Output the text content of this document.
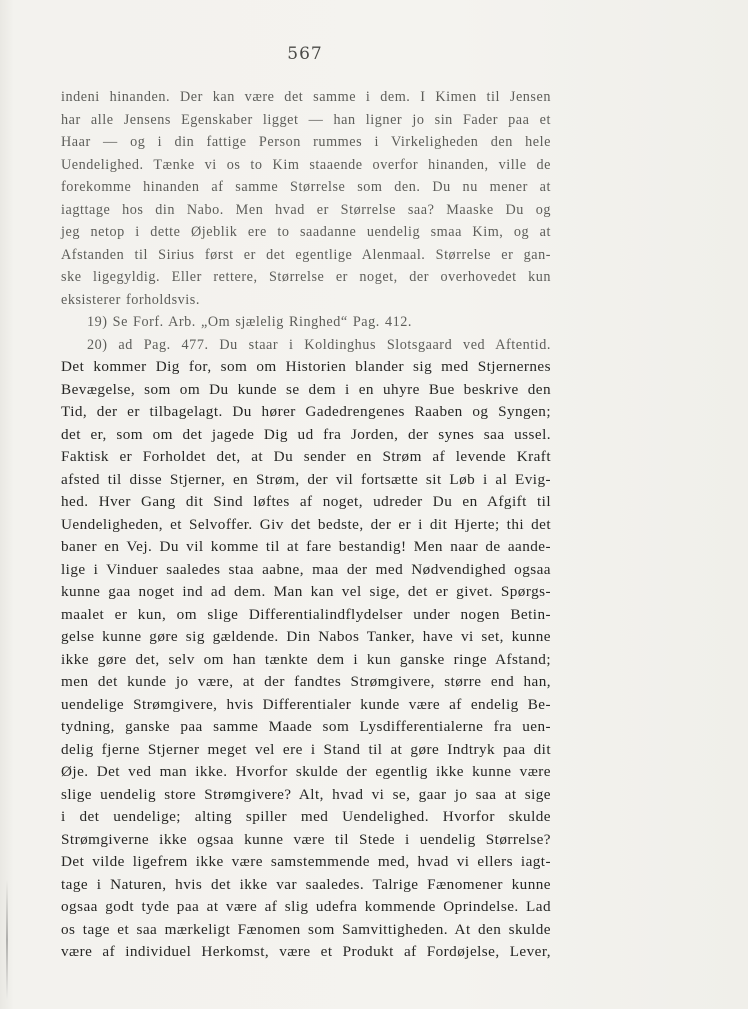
567
indeni hinanden. Der kan være det samme i dem. I Kimen til Jensen
har alle Jensens Egenskaber ligget — han ligner jo sin Fader paa et
Haar — og i din fattige Person rummes i Virkeligheden den hele
Uendelighed. Tænke vi os to Kim staaende overfor hinanden, ville de
forekomme hinanden af samme Størrelse som den. Du nu mener at
iagttage hos din Nabo. Men hvad er Størrelse saa? Maaske Du og
jeg netop i dette Øjeblik ere to saadanne uendelig smaa Kim, og at
Afstanden til Sirius først er det egentlige Alenmaal. Størrelse er gan-
ske ligegyldig. Eller rettere, Størrelse er noget, der overhovedet kun
eksisterer forholdsvis.
19) Se Forf. Arb. „Om sjælelig Ringhed“ Pag. 412.
20) ad Pag. 477. Du staar i Koldinghus Slotsgaard ved Aftentid.
Det kommer Dig for, som om Historien blander sig med Stjernernes
Bevægelse, som om Du kunde se dem i en uhyre Bue beskrive den
Tid, der er tilbagelagt. Du hører Gadedrengenes Raaben og Syngen;
det er, som om det jagede Dig ud fra Jorden, der synes saa ussel.
Faktisk er Forholdet det, at Du sender en Strøm af levende Kraft
afsted til disse Stjerner, en Strøm, der vil fortsætte sit Løb i al Evig-
hed. Hver Gang dit Sind løftes af noget, udreder Du en Afgift til
Uendeligheden, et Selvoffer. Giv det bedste, der er i dit Hjerte; thi det
baner en Vej. Du vil komme til at fare bestandig! Men naar de aande-
lige i Vinduer saaledes staa aabne, maa der med Nødvendighed ogsaa
kunne gaa noget ind ad dem. Man kan vel sige, det er givet. Spørgs-
maalet er kun, om slige Differentialindflydelser under nogen Betin-
gelse kunne gøre sig gældende. Din Nabos Tanker, have vi set, kunne
ikke gøre det, selv om han tænkte dem i kun ganske ringe Afstand;
men det kunde jo være, at der fandtes Strømgivere, større end han,
uendelige Strømgivere, hvis Differentialer kunde være af endelig Be-
tydning, ganske paa samme Maade som Lysdifferentialerne fra uen-
delig fjerne Stjerner meget vel ere i Stand til at gøre Indtryk paa dit
Øje. Det ved man ikke. Hvorfor skulde der egentlig ikke kunne være
slige uendelig store Strømgivere? Alt, hvad vi se, gaar jo saa at sige
i det uendelige; alting spiller med Uendelighed. Hvorfor skulde
Strømgiverne ikke ogsaa kunne være til Stede i uendelig Størrelse?
Det vilde ligefrem ikke være samstemmende med, hvad vi ellers iagt-
tage i Naturen, hvis det ikke var saaledes. Talrige Fænomener kunne
ogsaa godt tyde paa at være af slig udefra kommende Oprindelse. Lad
os tage et saa mærkeligt Fænomen som Samvittigheden. At den skulde
være af individuel Herkomst, være et Produkt af Fordøjelse, Lever,
